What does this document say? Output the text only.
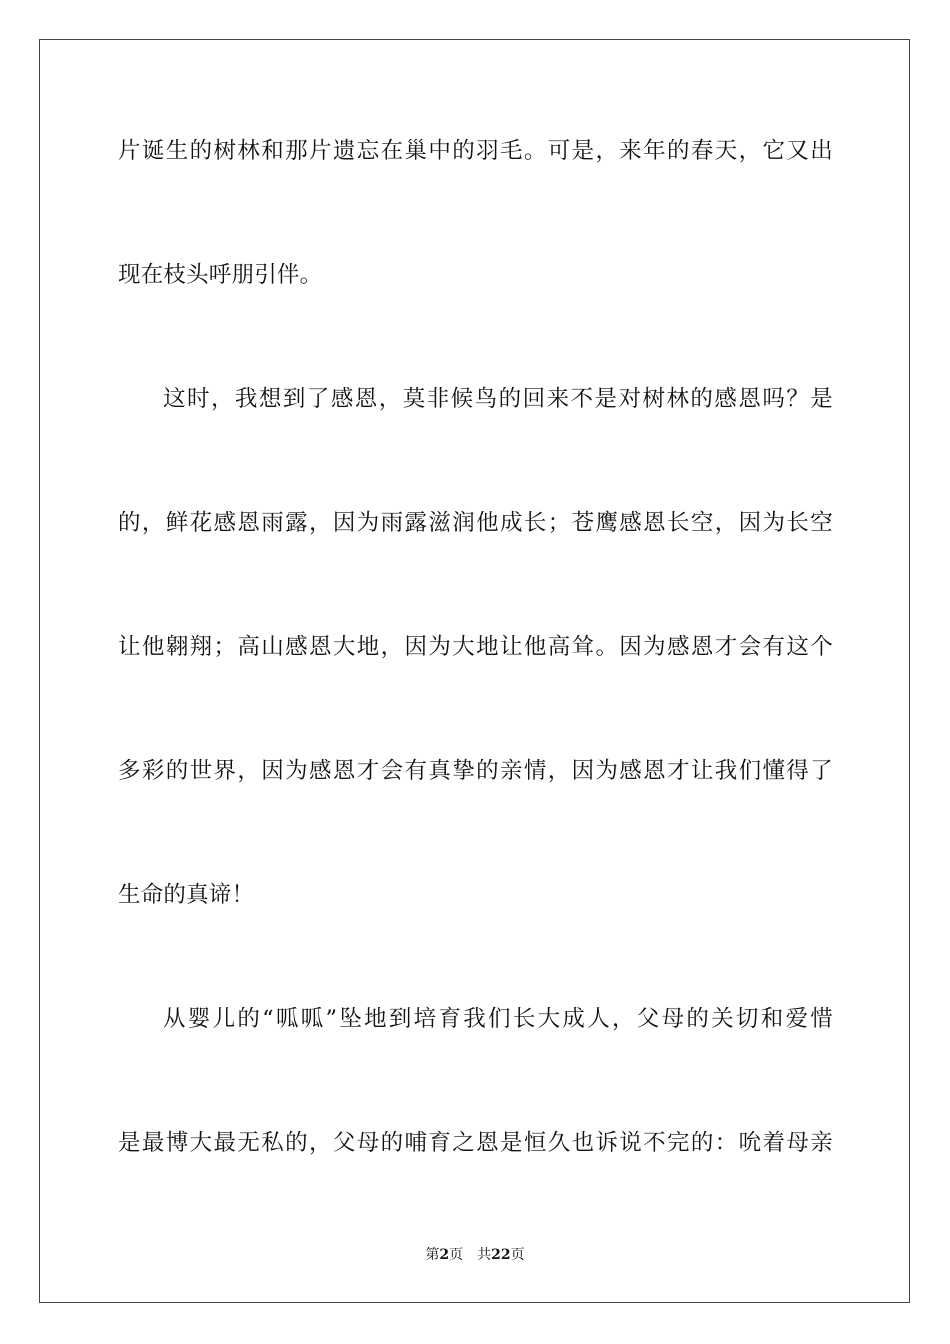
片诞生的树林和那片遗忘在巢中的羽毛。可是，来年的春天，它又出
现在枝头呼朋引伴。
这时，我想到了感恩，莫非候鸟的回来不是对树林的感恩吗？是
的，鲜花感恩雨露，因为雨露滋润他成长；苍鹰感恩长空，因为长空
让他翱翔；高山感恩大地，因为大地让他高耸。因为感恩才会有这个
多彩的世界，因为感恩才会有真挚的亲情，因为感恩才让我们懂得了
生命的真谛！
从婴儿的“呱呱”坠地到培育我们长大成人，父母的关切和爱惜
是最博大最无私的，父母的哺育之恩是恒久也诉说不完的：吮着母亲
第2页 共22页
